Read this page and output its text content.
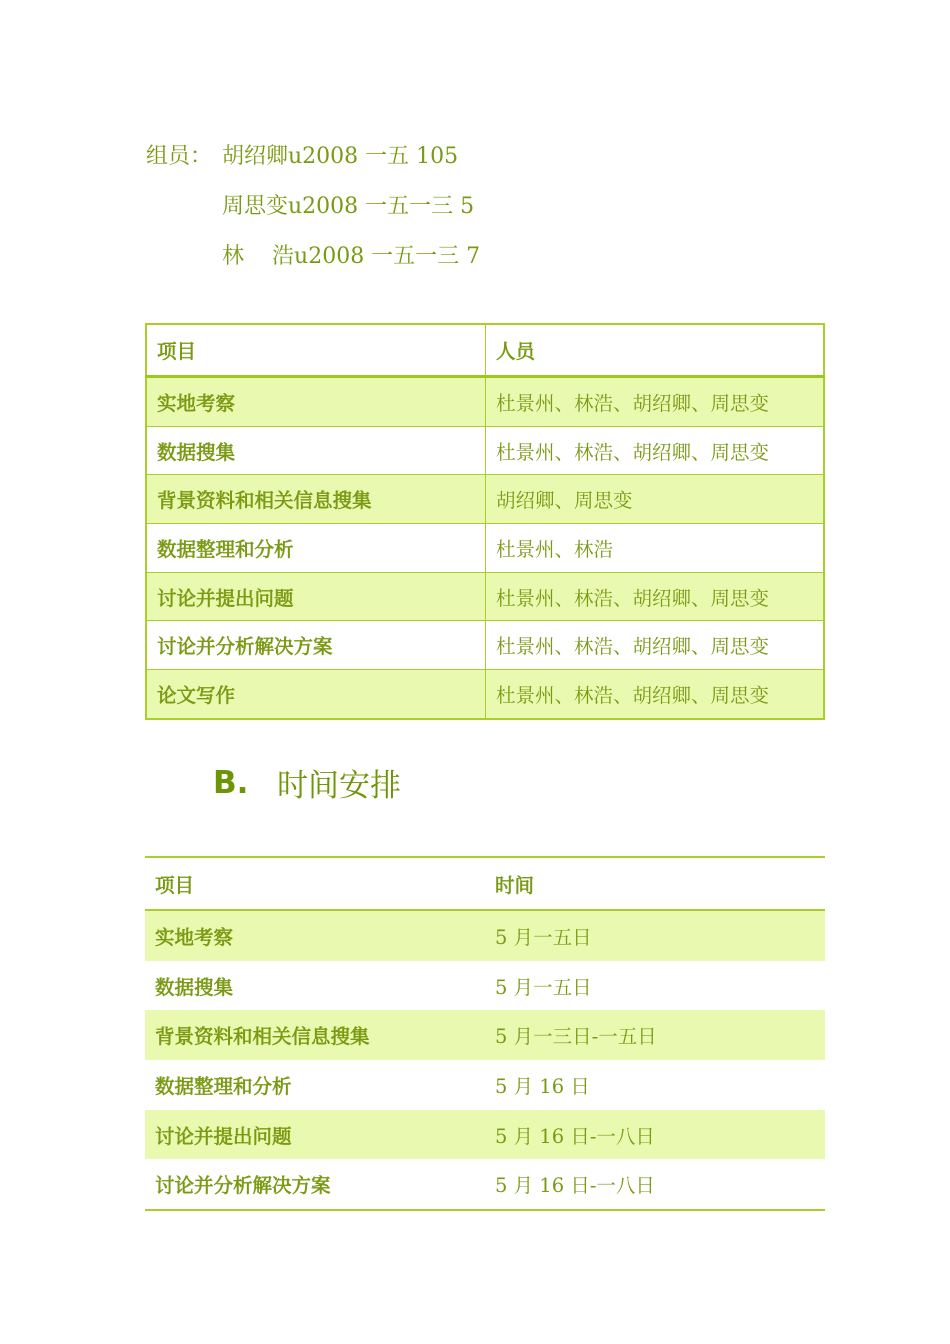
组员： 胡绍卿 u2008 一五 105
周思变 u2008 一五一三 5
林 浩 u2008 一五一三 7
项目	人员
实地考察	杜景州、林浩、胡绍卿、周思变
数据搜集	杜景州、林浩、胡绍卿、周思变
背景资料和相关信息搜集	胡绍卿、周思变
数据整理和分析	杜景州、林浩
讨论并提出问题	杜景州、林浩、胡绍卿、周思变
讨论并分析解决方案	杜景州、林浩、胡绍卿、周思变
论文写作	杜景州、林浩、胡绍卿、周思变
B. 时间安排
项目	时间
实地考察	5 月一五日
数据搜集	5 月一五日
背景资料和相关信息搜集	5 月一三日-一五日
数据整理和分析	5 月 16 日
讨论并提出问题	5 月 16 日-一八日
讨论并分析解决方案	5 月 16 日-一八日
